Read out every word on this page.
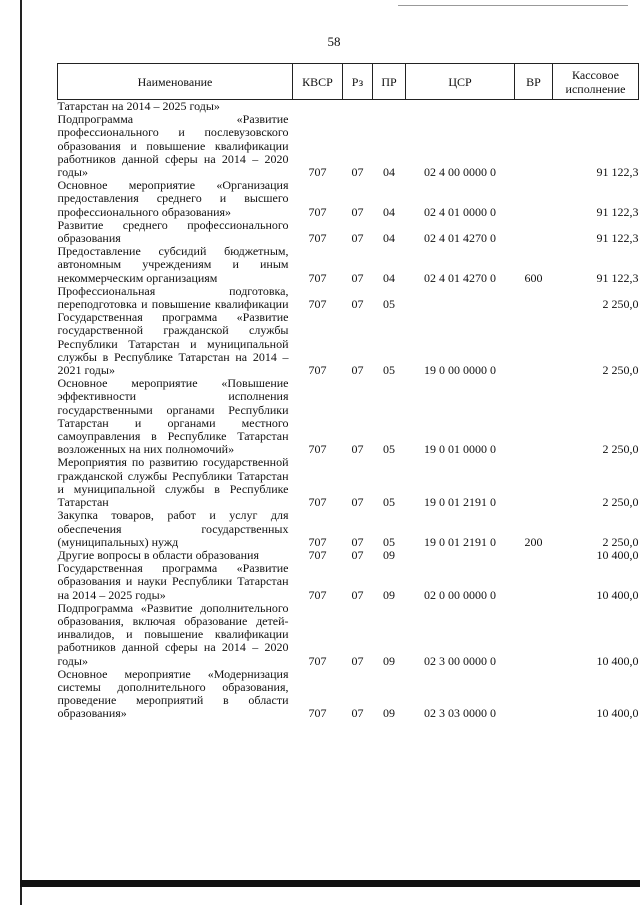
58
Наименование	КВСР	Рз	ПР	ЦСР	ВР	Кассовое исполнение
Татарстан на 2014 – 2025 годы»						
Подпрограмма «Развитие профессионального и послевузовского образования и повышение квалификации работников данной сферы на 2014 – 2020 годы»	707	07	04	02 4 00 0000 0		91 122,3
Основное мероприятие «Организация предоставления среднего и высшего профессионального образования»	707	07	04	02 4 01 0000 0		91 122,3
Развитие среднего профессионального образования	707	07	04	02 4 01 4270 0		91 122,3
Предоставление субсидий бюджетным, автономным учреждениям и иным некоммерческим организациям	707	07	04	02 4 01 4270 0	600	91 122,3
Профессиональная подготовка, переподготовка и повышение квалификации	707	07	05			2 250,0
Государственная программа «Развитие государственной гражданской службы Республики Татарстан и муниципальной службы в Республике Татарстан на 2014 – 2021 годы»	707	07	05	19 0 00 0000 0		2 250,0
Основное мероприятие «Повышение эффективности исполнения государственными органами Республики Татарстан и органами местного самоуправления в Республике Татарстан возложенных на них полномочий»	707	07	05	19 0 01 0000 0		2 250,0
Мероприятия по развитию государственной гражданской службы Республики Татарстан и муниципальной службы в Республике Татарстан	707	07	05	19 0 01 2191 0		2 250,0
Закупка товаров, работ и услуг для обеспечения государственных (муниципальных) нужд	707	07	05	19 0 01 2191 0	200	2 250,0
Другие вопросы в области образования	707	07	09			10 400,0
Государственная программа «Развитие образования и науки Республики Татарстан на 2014 – 2025 годы»	707	07	09	02 0 00 0000 0		10 400,0
Подпрограмма «Развитие дополнительного образования, включая образование детей-инвалидов, и повышение квалификации работников данной сферы на 2014 – 2020 годы»	707	07	09	02 3 00 0000 0		10 400,0
Основное мероприятие «Модернизация системы дополнительного образования, проведение мероприятий в области образования»	707	07	09	02 3 03 0000 0		10 400,0
